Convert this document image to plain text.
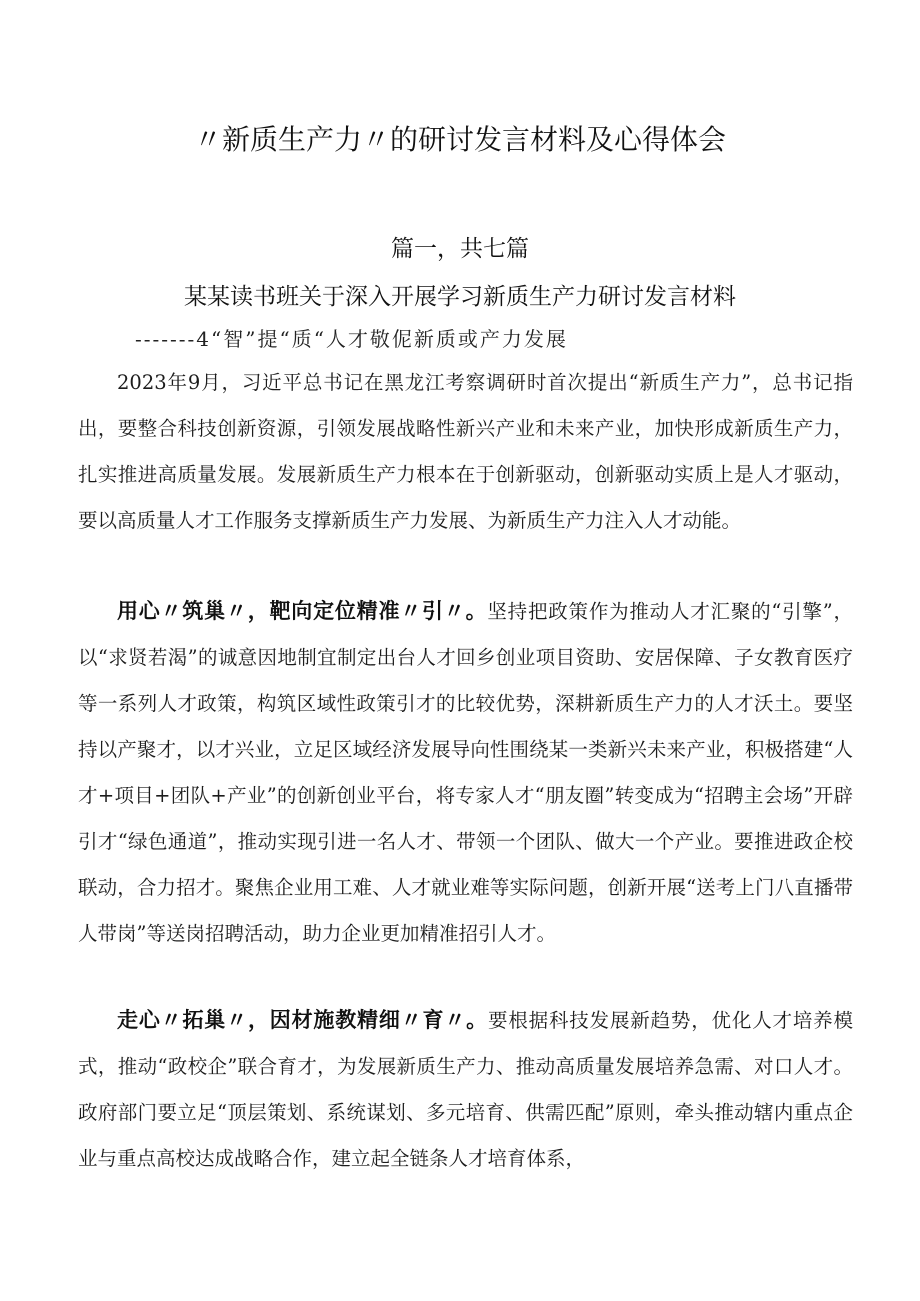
〃新质生产力〃的研讨发言材料及心得体会
篇一，共七篇
某某读书班关于深入开展学习新质生产力研讨发言材料
-------4“智”提“质“人才敬伲新质或产力发展

2023年9月，习近平总书记在黑龙江考察调研时首次提出“新质生产力”，总书记指出，要整合科技创新资源，引领发展战略性新兴产业和未来产业，加快形成新质生产力，扎实推进高质量发展。发展新质生产力根本在于创新驱动，创新驱动实质上是人才驱动，要以高质量人才工作服务支撑新质生产力发展、为新质生产力注入人才动能。

用心〃筑巢〃，靶向定位精准〃引〃。坚持把政策作为推动人才汇聚的“引擎”，以“求贤若渴”的诚意因地制宜制定出台人才回乡创业项目资助、安居保障、子女教育医疗等一系列人才政策，构筑区域性政策引才的比较优势，深耕新质生产力的人才沃土。要坚持以产聚才，以才兴业，立足区域经济发展导向性围绕某一类新兴未来产业，积极搭建“人才+项目+团队+产业”的创新创业平台，将专家人才“朋友圈”转变成为“招聘主会场”开辟引才“绿色通道”，推动实现引进一名人才、带领一个团队、做大一个产业。要推进政企校联动，合力招才。聚焦企业用工难、人才就业难等实际问题，创新开展“送考上门八直播带人带岗”等送岗招聘活动，助力企业更加精准招引人才。

走心〃拓巢〃，因材施教精细〃育〃。要根据科技发展新趋势，优化人才培养模式，推动“政校企”联合育才，为发展新质生产力、推动高质量发展培养急需、对口人才。政府部门要立足“顶层策划、系统谋划、多元培育、供需匹配”原则，牵头推动辖内重点企业与重点高校达成战略合作，建立起全链条人才培育体系，
